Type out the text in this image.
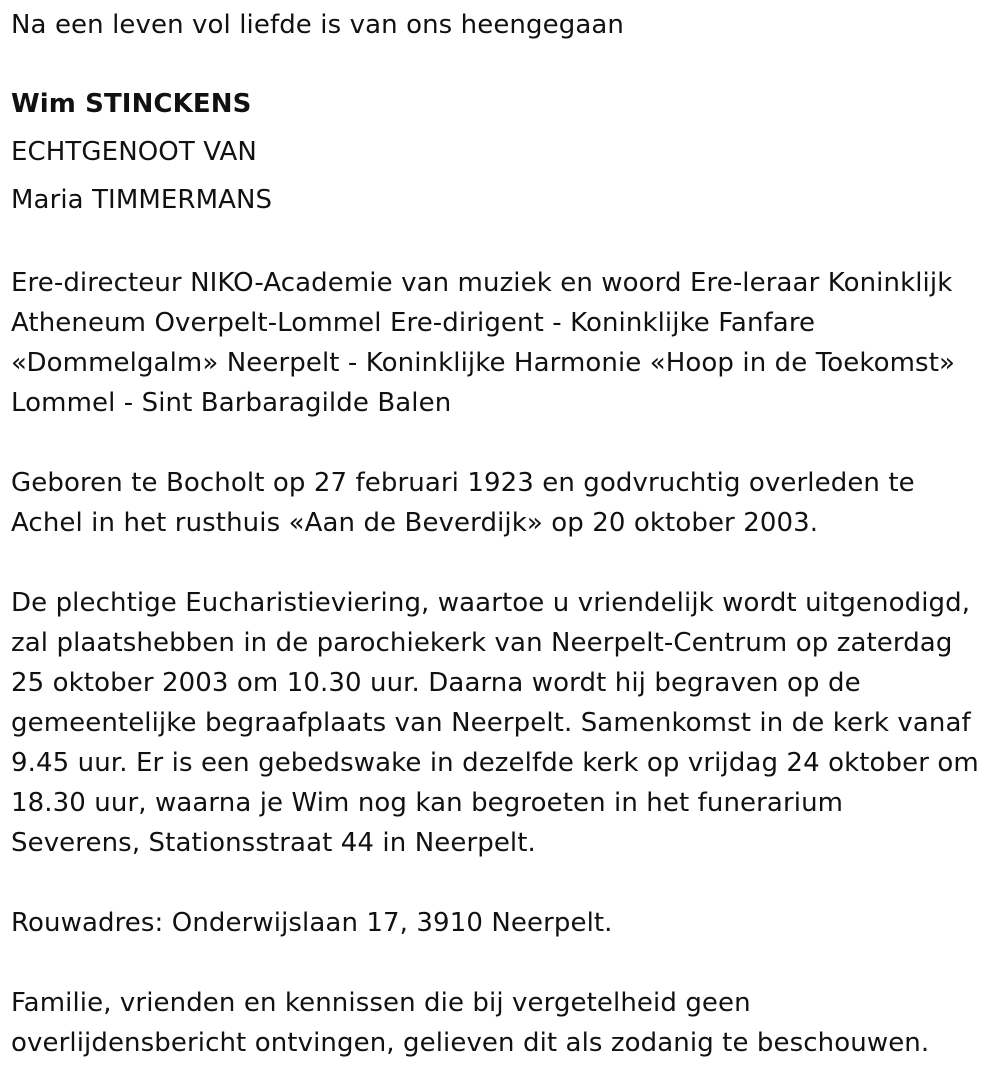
Na een leven vol liefde is van ons heengegaan
Wim STINCKENS
ECHTGENOOT VAN
Maria TIMMERMANS
Ere-directeur NIKO-Academie van muziek en woord Ere-leraar Koninklijk
Atheneum Overpelt-Lommel Ere-dirigent - Koninklijke Fanfare
«Dommelgalm» Neerpelt - Koninklijke Harmonie «Hoop in de Toekomst»
Lommel - Sint Barbaragilde Balen
Geboren te Bocholt op 27 februari 1923 en godvruchtig overleden te
Achel in het rusthuis «Aan de Beverdijk» op 20 oktober 2003.
De plechtige Eucharistieviering, waartoe u vriendelijk wordt uitgenodigd,
zal plaatshebben in de parochiekerk van Neerpelt-Centrum op zaterdag
25 oktober 2003 om 10.30 uur. Daarna wordt hij begraven op de
gemeentelijke begraafplaats van Neerpelt. Samenkomst in de kerk vanaf
9.45 uur. Er is een gebedswake in dezelfde kerk op vrijdag 24 oktober om
18.30 uur, waarna je Wim nog kan begroeten in het funerarium
Severens, Stationsstraat 44 in Neerpelt.
Rouwadres: Onderwijslaan 17, 3910 Neerpelt.
Familie, vrienden en kennissen die bij vergetelheid geen
overlijdensbericht ontvingen, gelieven dit als zodanig te beschouwen.
